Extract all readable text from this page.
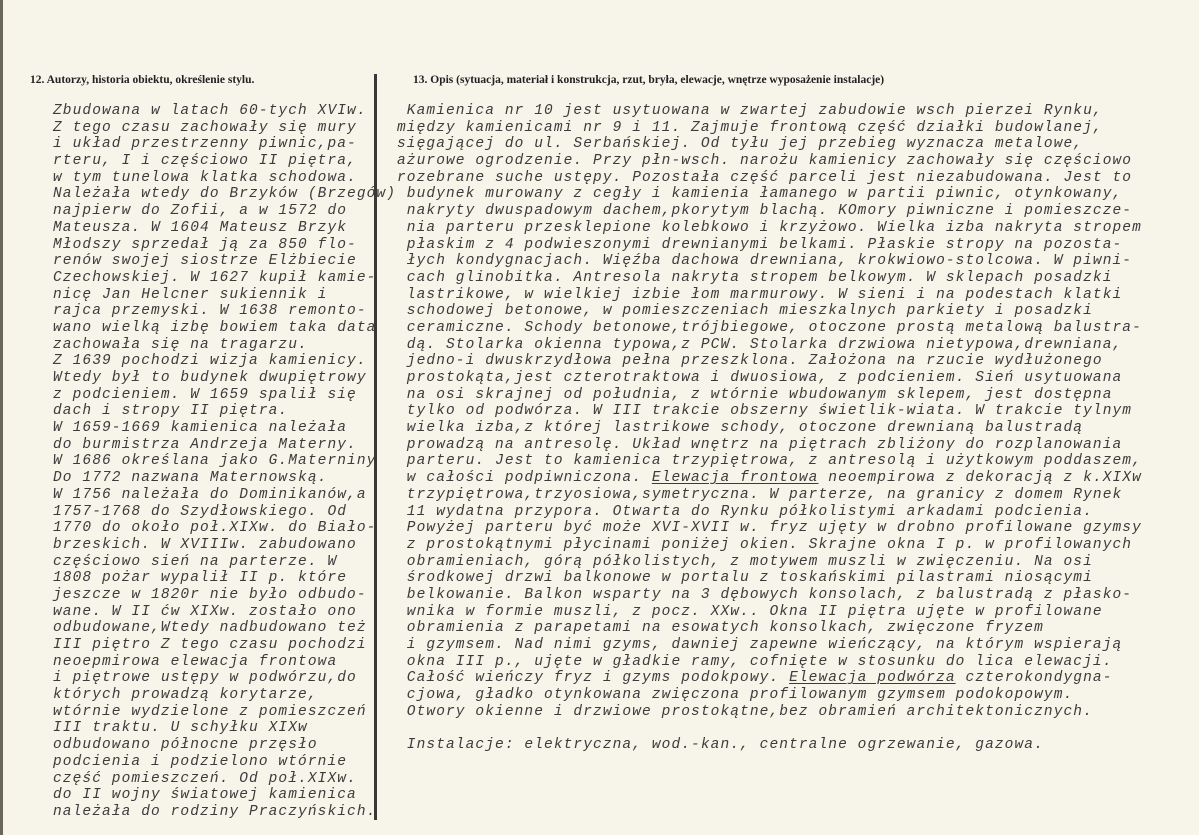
12. Autorzy, historia obiektu, określenie stylu.	13. Opis (sytuacja, materiał i konstrukcja, rzut, bryła, elewacje, wnętrze wyposażenie instalacje)
Zbudowana w latach 60-tych XVIw.
Z tego czasu zachowały się mury
i układ przestrzenny piwnic,pa-
rteru, I i częściowo II piętra,
w tym tunelowa klatka schodowa.
Należała wtedy do Brzyków (Brzegów)
najpierw do Zofii, a w 1572 do
Mateusza. W 1604 Mateusz Brzyk
Młodszy sprzedał ją za 850 flo-
renów swojej siostrze Elżbiecie
Czechowskiej. W 1627 kupił kamie-
nicę Jan Helcner sukiennik i
rajca przemyski. W 1638 remonto-
wano wielką izbę bowiem taka data
zachowała się na tragarzu.
Z 1639 pochodzi wizja kamienicy.
Wtedy był to budynek dwupiętrowy
z podcieniem. W 1659 spalił się
dach i stropy II piętra.
W 1659-1669 kamienica należała
do burmistrza Andrzeja Materny.
W 1686 określana jako G.Materniny
Do 1772 nazwana Maternowską.
W 1756 należała do Dominikanów,a
1757-1768 do Szydłowskiego. Od
1770 do około poł.XIXw. do Biało-
brzeskich. W XVIIIw. zabudowano
częściowo sień na parterze. W
1808 pożar wypalił II p. które
jeszcze w 1820r nie było odbudo-
wane. W II ćw XIXw. zostało ono
odbudowane,Wtedy nadbudowano też
III piętro Z tego czasu pochodzi
neoepmirowa elewacja frontowa
i piętrowe ustępy w podwórzu,do
których prowadzą korytarze,
wtórnie wydzielone z pomieszczeń
III traktu. U schyłku XIXw
odbudowano północne przęsło
podcienia i podzielono wtórnie
część pomieszczeń. Od poł.XIXw.
do II wojny światowej kamienica
należała do rodziny Praczyńskich.
Kamienica nr 10 jest usytuowana w zwartej zabudowie wsch pierzei Rynku,
między kamienicami nr 9 i 11. Zajmuje frontową część działki budowlanej,
sięgającej do ul. Serbańskiej. Od tyłu jej przebieg wyznacza metalowe,
ażurowe ogrodzenie. Przy płn-wsch. narożu kamienicy zachowały się częściowo
rozebrane suche ustępy. Pozostała część parceli jest niezabudowana. Jest to
budynek murowany z cegły i kamienia łamanego w partii piwnic, otynkowany,
nakryty dwuspadowym dachem,pkorytym blachą. KOmory piwniczne i pomieszcze-
nia parteru przesklepione kolebkowo i krzyżowo. Wielka izba nakryta stropem
płaskim z 4 podwieszonymi drewnianymi belkami. Płaskie stropy na pozosta-
łych kondygnacjach. Więźba dachowa drewniana, krokwiowo-stolcowa. W piwni-
cach glinobitka. Antresola nakryta stropem belkowym. W sklepach posadzki
lastrikowe, w wielkiej izbie łom marmurowy. W sieni i na podestach klatki
schodowej betonowe, w pomieszczeniach mieszkalnych parkiety i posadzki
ceramiczne. Schody betonowe,trójbiegowe, otoczone prostą metalową balustra-
dą. Stolarka okienna typowa,z PCW. Stolarka drzwiowa nietypowa,drewniana,
jedno-i dwuskrzydłowa pełna przeszklona. Założona na rzucie wydłużonego
prostokąta,jest czterotraktowa i dwuosiowa, z podcieniem. Sień usytuowana
na osi skrajnej od południa, z wtórnie wbudowanym sklepem, jest dostępna
tylko od podwórza. W III trakcie obszerny świetlik-wiata. W trakcie tylnym
wielka izba,z której lastrikowe schody, otoczone drewnianą balustradą
prowadzą na antresolę. Układ wnętrz na piętrach zbliżony do rozplanowania
parteru. Jest to kamienica trzypiętrowa, z antresolą i użytkowym poddaszem,
w całości podpiwniczona. Elewacja frontowa neoempirowa z dekoracją z k.XIXw
trzypiętrowa,trzyosiowa,symetryczna. W parterze, na granicy z domem Rynek
11 wydatna przypora. Otwarta do Rynku półkolistymi arkadami podcienia.
Powyżej parteru być może XVI-XVII w. fryz ujęty w drobno profilowane gzymsy
z prostokątnymi płycinami poniżej okien. Skrajne okna I p. w profilowanych
obramieniach, górą półkolistych, z motywem muszli w zwięczeniu. Na osi
środkowej drzwi balkonowe w portalu z toskańskimi pilastrami niosącymi
belkowanie. Balkon wsparty na 3 dębowych konsolach, z balustradą z płasko-
wnika w formie muszli, z pocz. XXw.. Okna II piętra ujęte w profilowane
obramienia z parapetami na esowatych konsolkach, zwięczone fryzem
i gzymsem. Nad nimi gzyms, dawniej zapewne wieńczący, na którym wspierają
okna III p., ujęte w gładkie ramy, cofnięte w stosunku do lica elewacji.
Całość wieńczy fryz i gzyms podokpowy. Elewacja podwórza czterokondygna-
cjowa, gładko otynkowana zwięczona profilowanym gzymsem podokopowym.
Otwory okienne i drzwiowe prostokątne,bez obramień architektonicznych.
Instalacje: elektryczna, wod.-kan., centralne ogrzewanie, gazowa.
